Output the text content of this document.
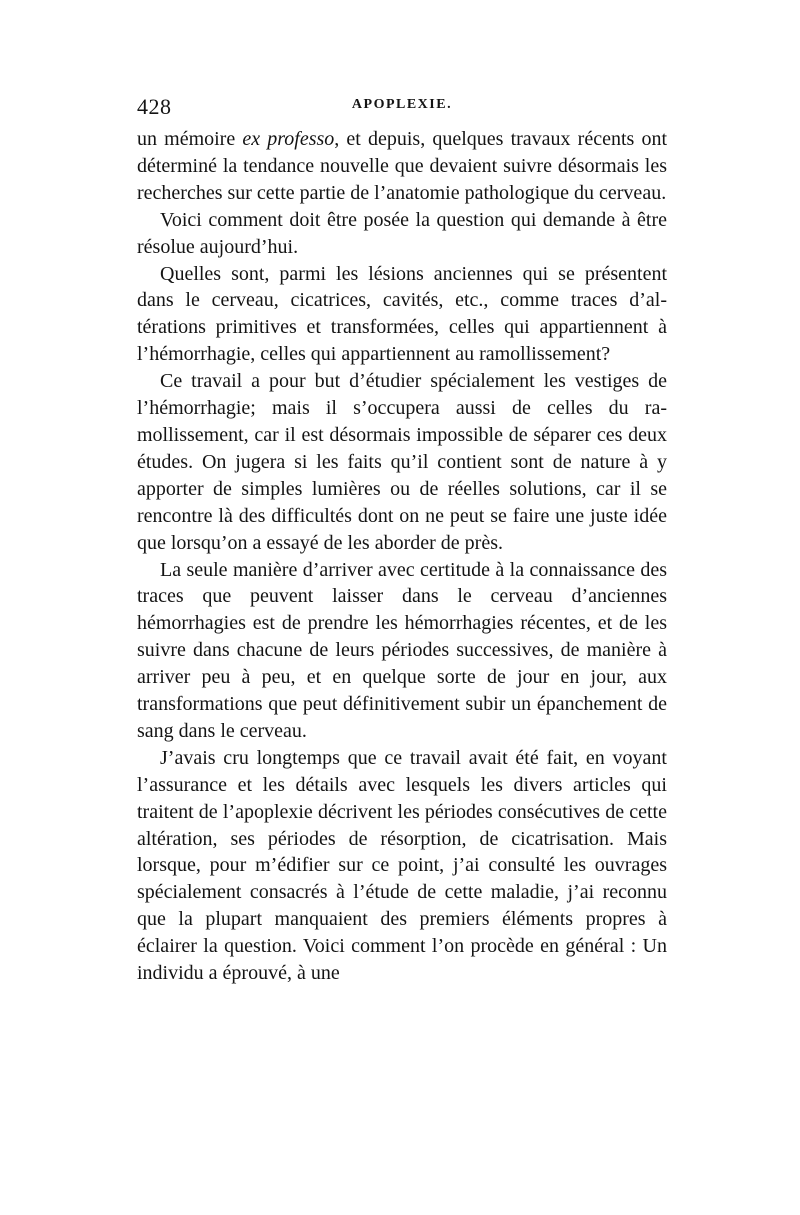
428	APOPLEXIE.

un mémoire ex professo, et depuis, quelques travaux récents ont déterminé la tendance nouvelle que devaient suivre désormais les recherches sur cette partie de l’anatomie pathologique du cerveau.

Voici comment doit être posée la question qui demande à être résolue aujourd’hui.

Quelles sont, parmi les lésions anciennes qui se présentent dans le cerveau, cicatrices, cavités, etc., comme traces d’altérations primitives et transformées, celles qui appartiennent à l’hémorrhagie, celles qui appartiennent au ramollissement?

Ce travail a pour but d’étudier spécialement les vestiges de l’hémorrhagie; mais il s’occupera aussi de celles du ramollissement, car il est désormais impossible de séparer ces deux études. On jugera si les faits qu’il contient sont de nature à y apporter de simples lumières ou de réelles solutions, car il se rencontre là des difficultés dont on ne peut se faire une juste idée que lorsqu’on a essayé de les aborder de près.

La seule manière d’arriver avec certitude à la connaissance des traces que peuvent laisser dans le cerveau d’anciennes hémorrhagies est de prendre les hémorrhagies récentes, et de les suivre dans chacune de leurs périodes successives, de manière à arriver peu à peu, et en quelque sorte de jour en jour, aux transformations que peut définitivement subir un épanchement de sang dans le cerveau.

J’avais cru longtemps que ce travail avait été fait, en voyant l’assurance et les détails avec lesquels les divers articles qui traitent de l’apoplexie décrivent les périodes consécutives de cette altération, ses périodes de résorption, de cicatrisation. Mais lorsque, pour m’édifier sur ce point, j’ai consulté les ouvrages spécialement consacrés à l’étude de cette maladie, j’ai reconnu que la plupart manquaient des premiers éléments propres à éclairer la question. Voici comment l’on procède en général : Un individu a éprouvé, à une
